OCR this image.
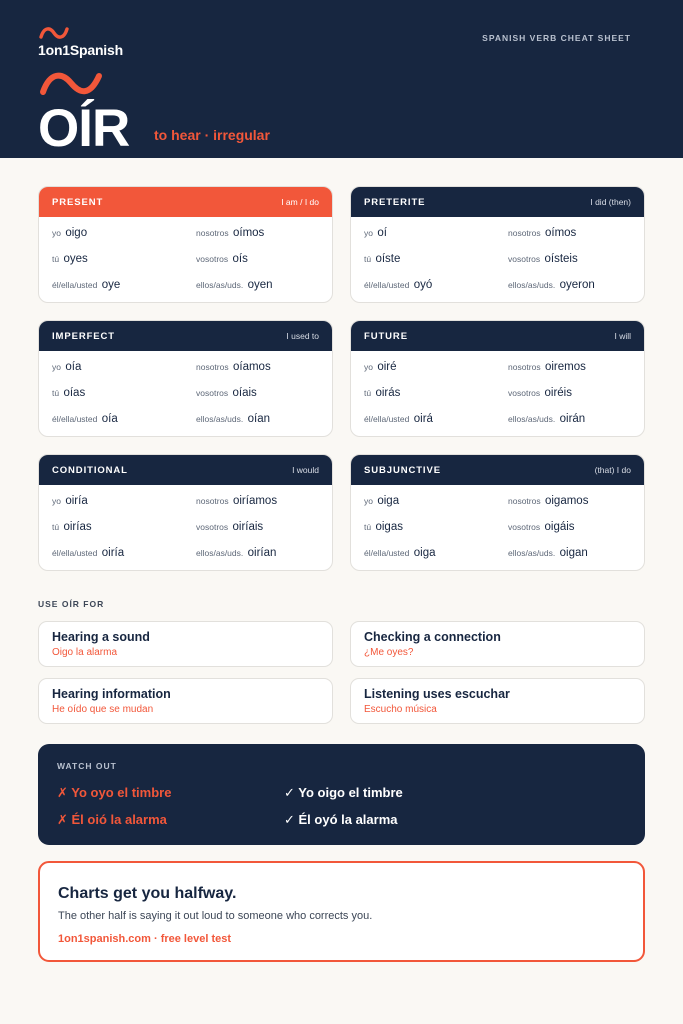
1on1Spanish
SPANISH VERB CHEAT SHEET
OÍR to hear · irregular
PRESENT	I am / I do
yo oigo	nosotros oímos
tú oyes	vosotros oís
él/ella/usted oye	ellos/as/uds. oyen
PRETERITE	I did (then)
yo oí	nosotros oímos
tú oíste	vosotros oísteis
él/ella/usted oyó	ellos/as/uds. oyeron
IMPERFECT	I used to
yo oía	nosotros oíamos
tú oías	vosotros oíais
él/ella/usted oía	ellos/as/uds. oían
FUTURE	I will
yo oiré	nosotros oiremos
tú oirás	vosotros oiréis
él/ella/usted oirá	ellos/as/uds. oirán
CONDITIONAL	I would
yo oiría	nosotros oiríamos
tú oirías	vosotros oiríais
él/ella/usted oiría	ellos/as/uds. oirían
SUBJUNCTIVE	(that) I do
yo oiga	nosotros oigamos
tú oigas	vosotros oigáis
él/ella/usted oiga	ellos/as/uds. oigan
USE OÍR FOR
Hearing a sound
Oigo la alarma
Checking a connection
¿Me oyes?
Hearing information
He oído que se mudan
Listening uses escuchar
Escucho música
WATCH OUT
✗ Yo oyo el timbre	✓ Yo oigo el timbre
✗ Él oió la alarma	✓ Él oyó la alarma
Charts get you halfway.
The other half is saying it out loud to someone who corrects you.
1on1spanish.com · free level test
